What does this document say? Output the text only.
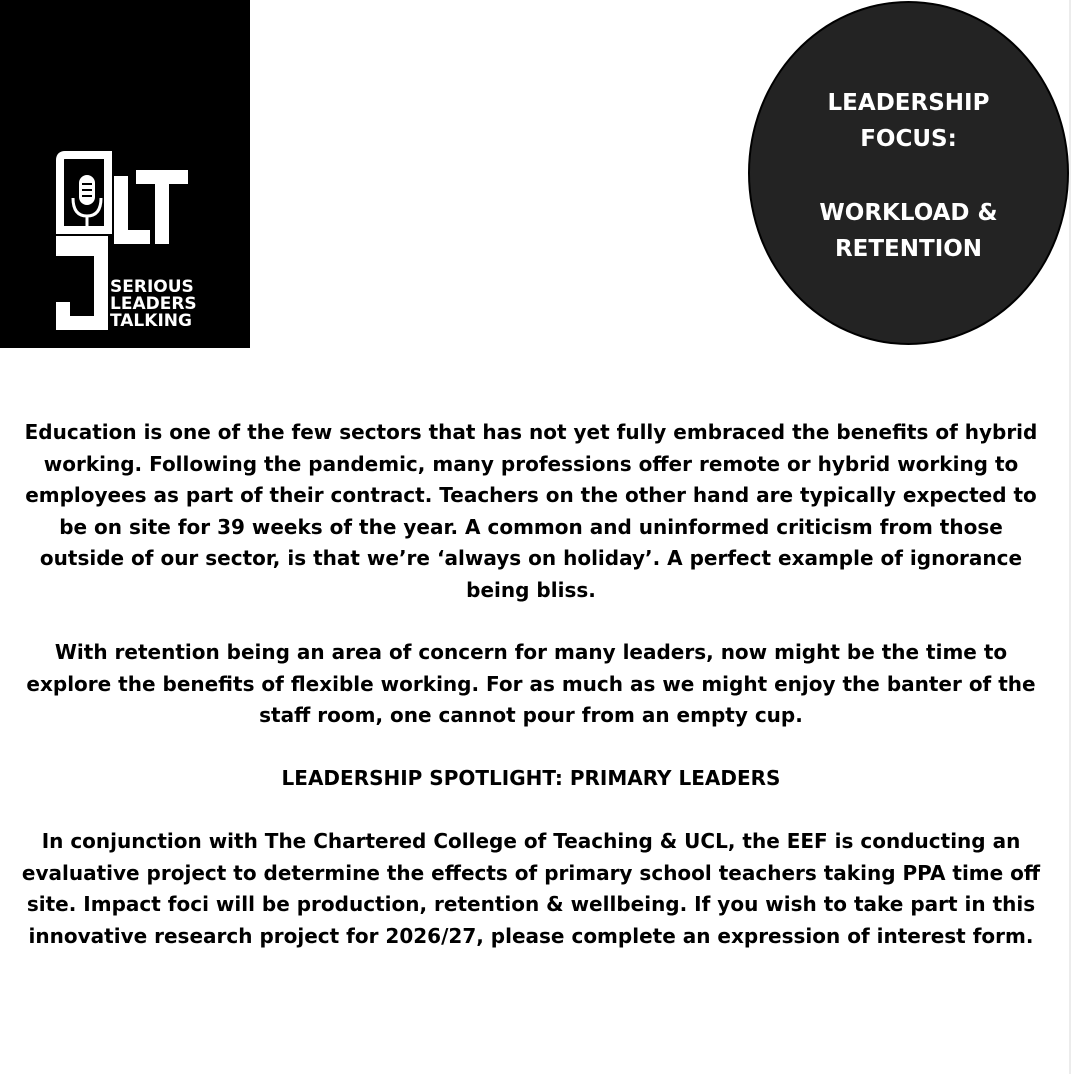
SERIOUS
LEADERS
TALKING
LEADERSHIP
FOCUS:
WORKLOAD &
RETENTION

Education is one of the few sectors that has not yet fully embraced the benefits of hybrid working. Following the pandemic, many professions offer remote or hybrid working to employees as part of their contract. Teachers on the other hand are typically expected to be on site for 39 weeks of the year. A common and uninformed criticism from those outside of our sector, is that we’re ‘always on holiday’. A perfect example of ignorance being bliss.

With retention being an area of concern for many leaders, now might be the time to explore the benefits of flexible working. For as much as we might enjoy the banter of the staff room, one cannot pour from an empty cup.

LEADERSHIP SPOTLIGHT: PRIMARY LEADERS

In conjunction with The Chartered College of Teaching & UCL, the EEF is conducting an evaluative project to determine the effects of primary school teachers taking PPA time off site. Impact foci will be production, retention & wellbeing. If you wish to take part in this innovative research project for 2026/27, please complete an expression of interest form.
